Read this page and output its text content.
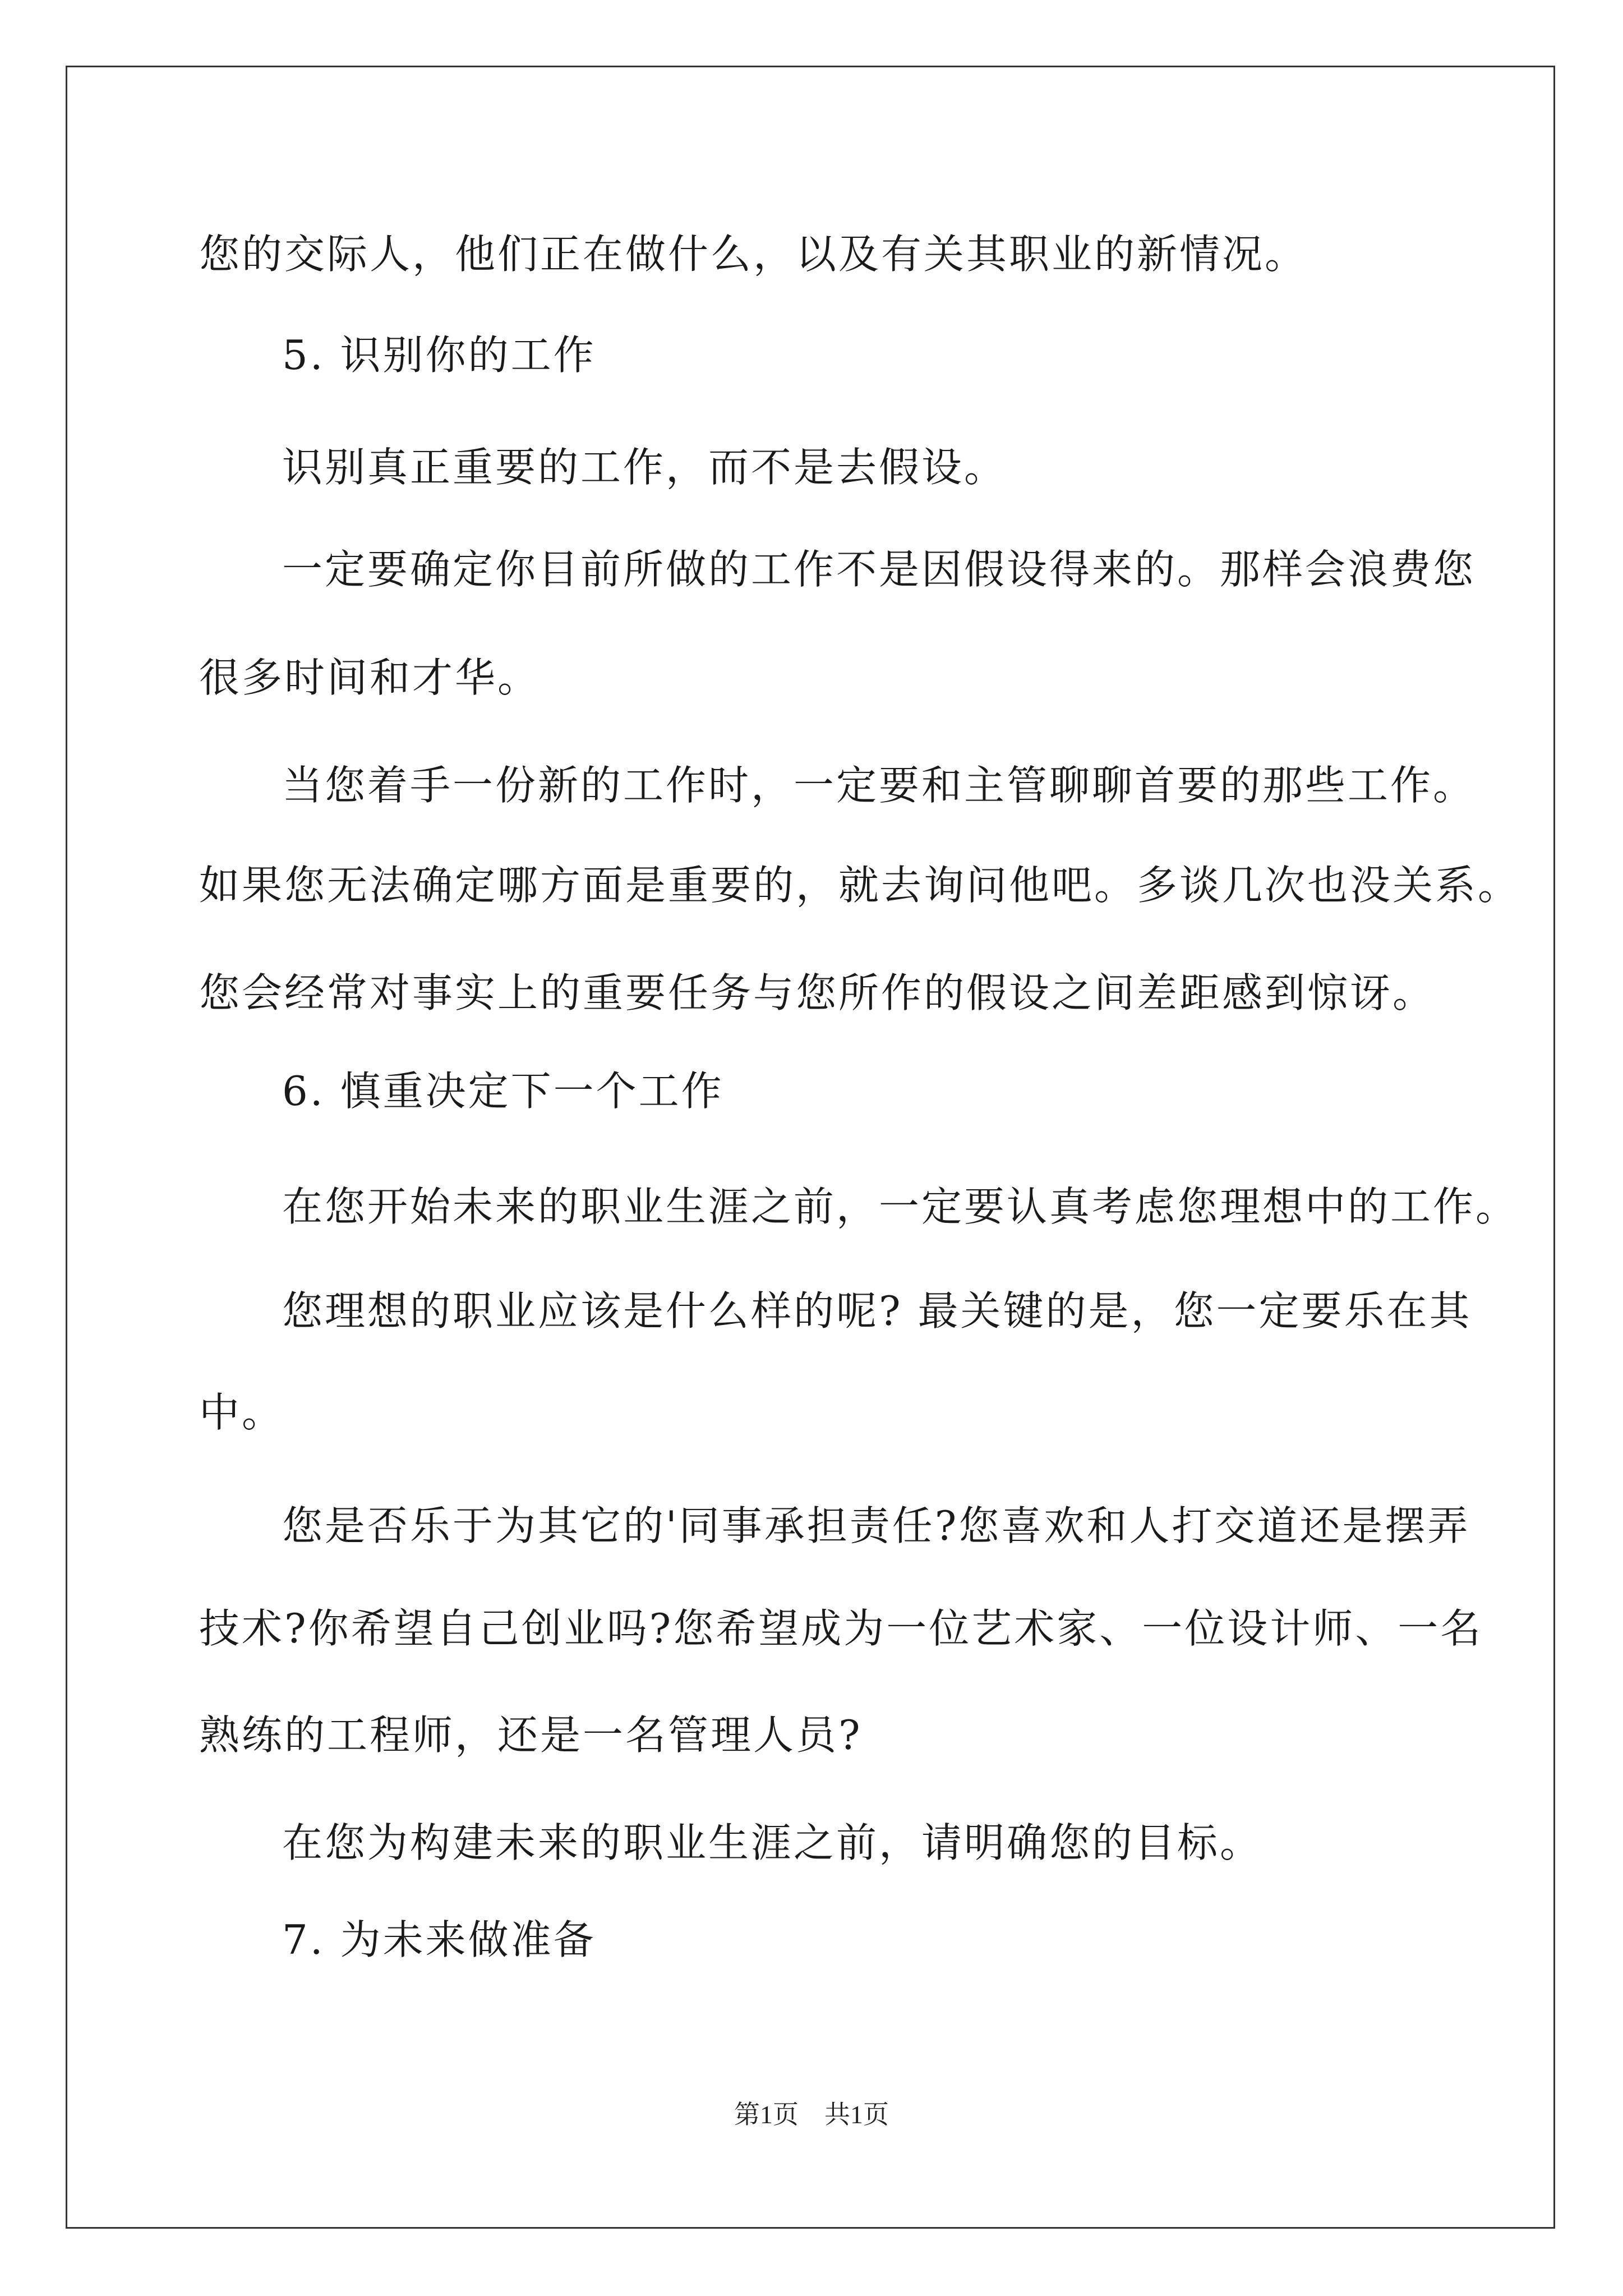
您的交际人，他们正在做什么，以及有关其职业的新情况。
5. 识别你的工作
识别真正重要的工作，而不是去假设。
一定要确定你目前所做的工作不是因假设得来的。那样会浪费您
很多时间和才华。
当您着手一份新的工作时，一定要和主管聊聊首要的那些工作。
如果您无法确定哪方面是重要的，就去询问他吧。多谈几次也没关系。
您会经常对事实上的重要任务与您所作的假设之间差距感到惊讶。
6. 慎重决定下一个工作
在您开始未来的职业生涯之前，一定要认真考虑您理想中的工作。
您理想的职业应该是什么样的呢? 最关键的是，您一定要乐在其
中。
您是否乐于为其它的'同事承担责任?您喜欢和人打交道还是摆弄
技术?你希望自己创业吗?您希望成为一位艺术家、一位设计师、一名
熟练的工程师，还是一名管理人员?
在您为构建未来的职业生涯之前，请明确您的目标。
7. 为未来做准备
第1页　共1页
